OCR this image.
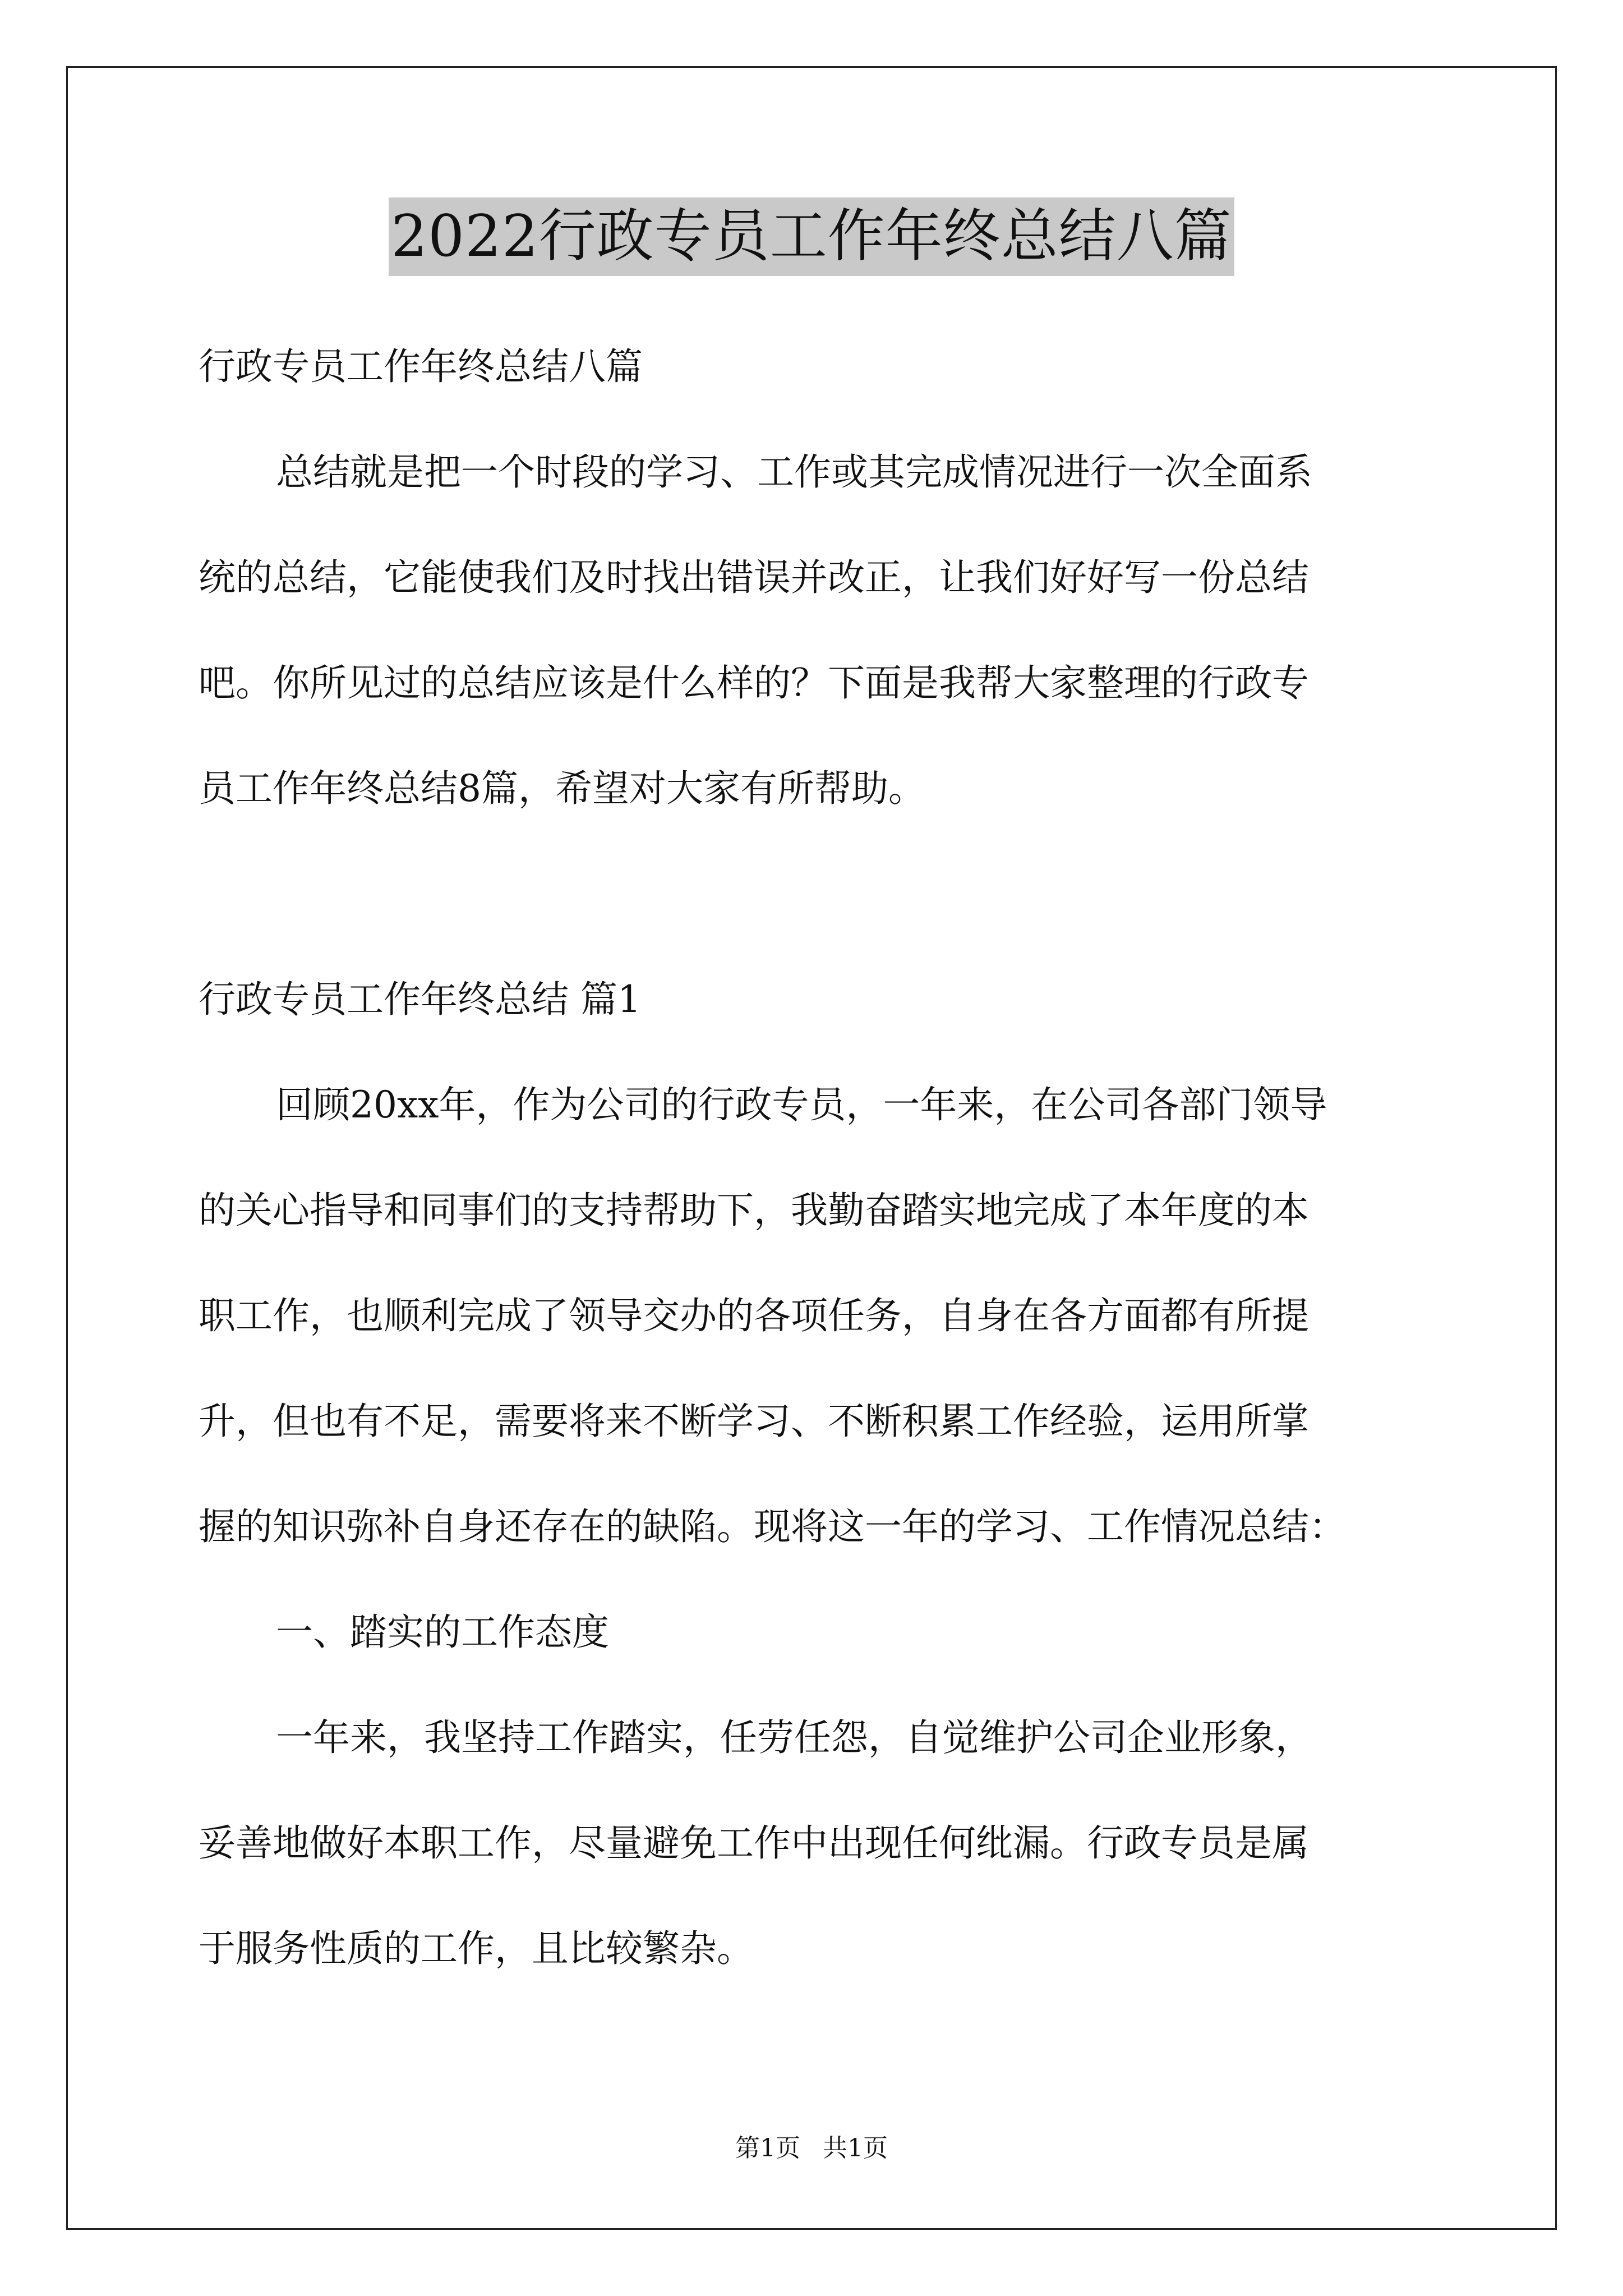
2022行政专员工作年终总结八篇
行政专员工作年终总结八篇
总结就是把一个时段的学习、工作或其完成情况进行一次全面系
统的总结，它能使我们及时找出错误并改正，让我们好好写一份总结
吧。你所见过的总结应该是什么样的？下面是我帮大家整理的行政专
员工作年终总结8篇，希望对大家有所帮助。
行政专员工作年终总结 篇1
回顾20xx年，作为公司的行政专员，一年来，在公司各部门领导
的关心指导和同事们的支持帮助下，我勤奋踏实地完成了本年度的本
职工作，也顺利完成了领导交办的各项任务，自身在各方面都有所提
升，但也有不足，需要将来不断学习、不断积累工作经验，运用所掌
握的知识弥补自身还存在的缺陷。现将这一年的学习、工作情况总结：
一、踏实的工作态度
一年来，我坚持工作踏实，任劳任怨，自觉维护公司企业形象，
妥善地做好本职工作，尽量避免工作中出现任何纰漏。行政专员是属
于服务性质的工作，且比较繁杂。
第1页 共1页
